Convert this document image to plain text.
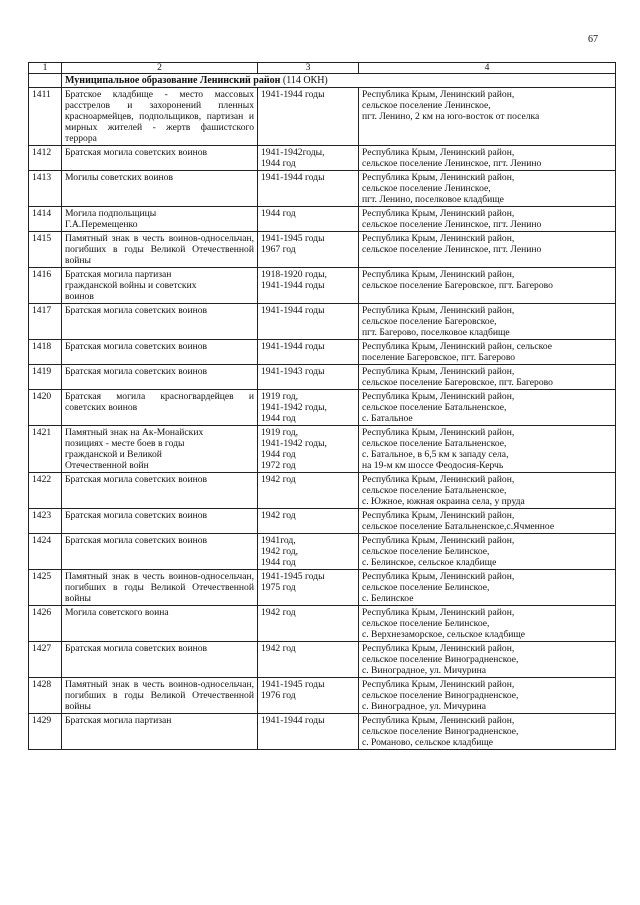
67
1	2	3	4
	Муниципальное образование Ленинский район (114 ОКН)		
1411	Братское кладбище - место массовых расстрелов и захоронений пленных красноармейцев, подпольщиков, партизан и мирных жителей - жертв фашистского террора	1941-1944 годы	Республика Крым, Ленинский район,
сельское поселение Ленинское,
пгт. Ленино, 2 км на юго-восток от поселка
1412	Братская могила советских воинов	1941-1942годы,
1944 год	Республика Крым, Ленинский район,
сельское поселение Ленинское, пгт. Ленино
1413	Могилы советских воинов	1941-1944 годы	Республика Крым, Ленинский район,
сельское поселение Ленинское,
пгт. Ленино, поселковое кладбище
1414	Могила подпольщицы
Г.А.Перемещенко	1944 год	Республика Крым, Ленинский район,
сельское поселение Ленинское, пгт. Ленино
1415	Памятный знак в честь воинов-односельчан, погибших в годы Великой Отечественной войны	1941-1945 годы
1967 год	Республика Крым, Ленинский район,
сельское поселение Ленинское, пгт. Ленино
1416	Братская могила партизан
гражданской войны и советских
воинов	1918-1920 годы,
1941-1944 годы	Республика Крым, Ленинский район,
сельское поселение Багеровское, пгт. Багерово
1417	Братская могила советских воинов	1941-1944 годы	Республика Крым, Ленинский район,
сельское поселение Багеровское,
пгт. Багерово, поселковое кладбище
1418	Братская могила советских воинов	1941-1944 годы	Республика Крым, Ленинский район, сельское
поселение Багеровское, пгт. Багерово
1419	Братская могила советских воинов	1941-1943 годы	Республика Крым, Ленинский район,
сельское поселение Багеровское, пгт. Багерово
1420	Братская могила красногвардейцев и советских воинов	1919 год,
1941-1942 годы,
1944 год	Республика Крым, Ленинский район,
сельское поселение Батальненское,
с. Батальное
1421	Памятный знак на Ак-Монайских
позициях - месте боев в годы
гражданской и Великой
Отечественной войн	1919 год,
1941-1942 годы,
1944 год
1972 год	Республика Крым, Ленинский район,
сельское поселение Батальненское,
с. Батальное, в 6,5 км к западу села,
на 19-м км шоссе Феодосия-Керчь
1422	Братская могила советских воинов	1942 год	Республика Крым, Ленинский район,
сельское поселение Батальненское,
с. Южное, южная окраина села, у пруда
1423	Братская могила советских воинов	1942 год	Республика Крым, Ленинский район,
сельское поселение Батальненское,с.Ячменное
1424	Братская могила советских воинов	1941год,
1942 год,
1944 год	Республика Крым, Ленинский район,
сельское поселение Белинское,
с. Белинское, сельское кладбище
1425	Памятный знак в честь воинов-односельчан, погибших в годы Великой Отечественной войны	1941-1945 годы
1975 год	Республика Крым, Ленинский район,
сельское поселение Белинское,
с. Белинское
1426	Могила советского воина	1942 год	Республика Крым, Ленинский район,
сельское поселение Белинское,
с. Верхнезаморское, сельское кладбище
1427	Братская могила советских воинов	1942 год	Республика Крым, Ленинский район,
сельское поселение Виноградненское,
с. Виноградное, ул. Мичурина
1428	Памятный знак в честь воинов-односельчан, погибших в годы Великой Отечественной войны	1941-1945 годы
1976 год	Республика Крым, Ленинский район,
сельское поселение Виноградненское,
с. Виноградное, ул. Мичурина
1429	Братская могила партизан	1941-1944 годы	Республика Крым, Ленинский район,
сельское поселение Виноградненское,
с. Романово, сельское кладбище
